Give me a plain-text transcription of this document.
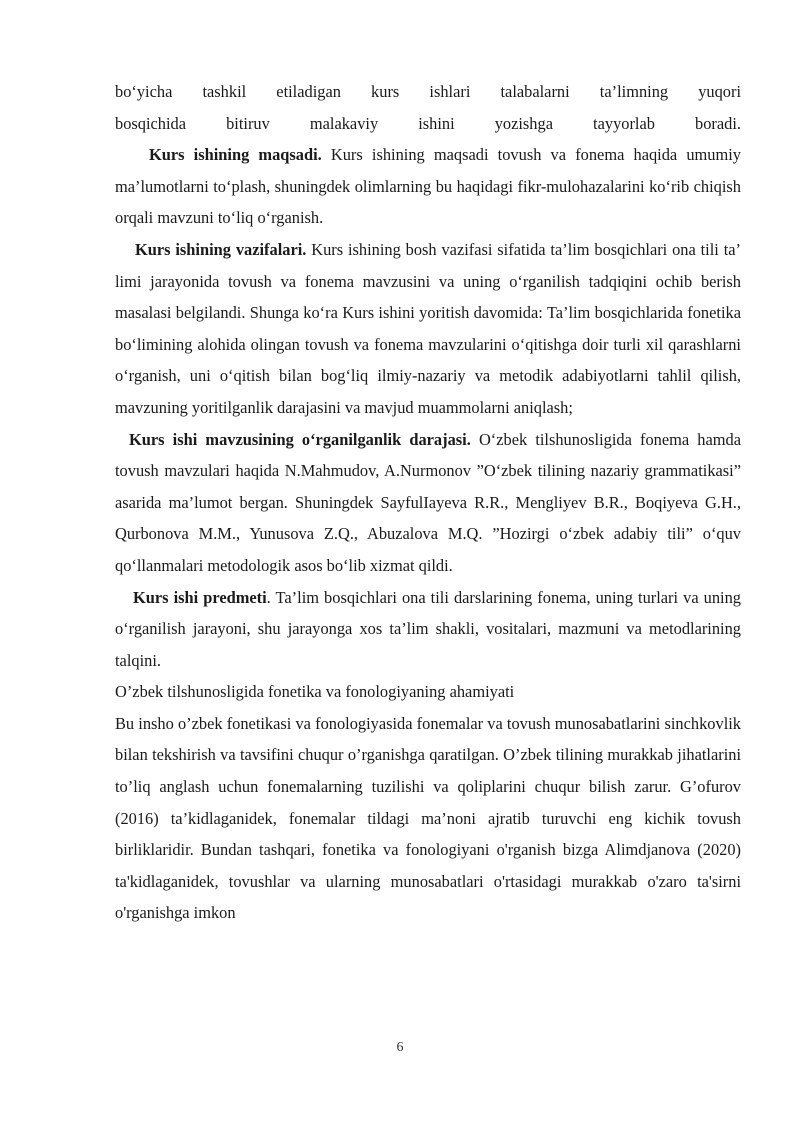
bo‘yicha tashkil etiladigan kurs ishlari talabalarni ta’limning yuqori
bosqichida bitiruv malakaviy ishini yozishga tayyorlab boradi.

Kurs ishining maqsadi. Kurs ishining maqsadi tovush va fonema haqida umumiy ma’lumotlarni to‘plash, shuningdek olimlarning bu haqidagi fikr-mulohazalarini ko‘rib chiqish orqali mavzuni to‘liq o‘rganish.

Kurs ishining vazifalari. Kurs ishining bosh vazifasi sifatida ta’lim bosqichlari ona tili ta’ limi jarayonida tovush va fonema mavzusini va uning o‘rganilish tadqiqini ochib berish masalasi belgilandi. Shunga ko‘ra Kurs ishini yoritish davomida: Ta’lim bosqichlarida fonetika bo‘limining alohida olingan tovush va fonema mavzularini o‘qitishga doir turli xil qarashlarni o‘rganish, uni o‘qitish bilan bog‘liq ilmiy-nazariy va metodik adabiyotlarni tahlil qilish, mavzuning yoritilganlik darajasini va mavjud muammolarni aniqlash;

Kurs ishi mavzusining o‘rganilganlik darajasi. O‘zbek tilshunosligida fonema hamda tovush mavzulari haqida N.Mahmudov, A.Nurmonov ”O‘zbek tilining nazariy grammatikasi” asarida ma’lumot bergan. Shuningdek SayfulIayeva R.R., Mengliyev B.R., Boqiyeva G.H., Qurbonova M.M., Yunusova Z.Q., Abuzalova M.Q. ”Hozirgi o‘zbek adabiy tili” o‘quv qo‘llanmalari metodologik asos bo‘lib xizmat qildi.

Kurs ishi predmeti. Ta’lim bosqichlari ona tili darslarining fonema, uning turlari va uning o‘rganilish jarayoni, shu jarayonga xos ta’lim shakli, vositalari, mazmuni va metodlarining talqini.

O’zbek tilshunosligida fonetika va fonologiyaning ahamiyati

Bu insho o’zbek fonetikasi va fonologiyasida fonemalar va tovush munosabatlarini sinchkovlik bilan tekshirish va tavsifini chuqur o’rganishga qaratilgan. O’zbek tilining murakkab jihatlarini to’liq anglash uchun fonemalarning tuzilishi va qoliplarini chuqur bilish zarur. G’ofurov (2016) ta’kidlaganidek, fonemalar tildagi ma’noni ajratib turuvchi eng kichik tovush birliklaridir. Bundan tashqari, fonetika va fonologiyani o'rganish bizga Alimdjanova (2020) ta'kidlaganidek, tovushlar va ularning munosabatlari o'rtasidagi murakkab o'zaro ta'sirni o'rganishga imkon

6
